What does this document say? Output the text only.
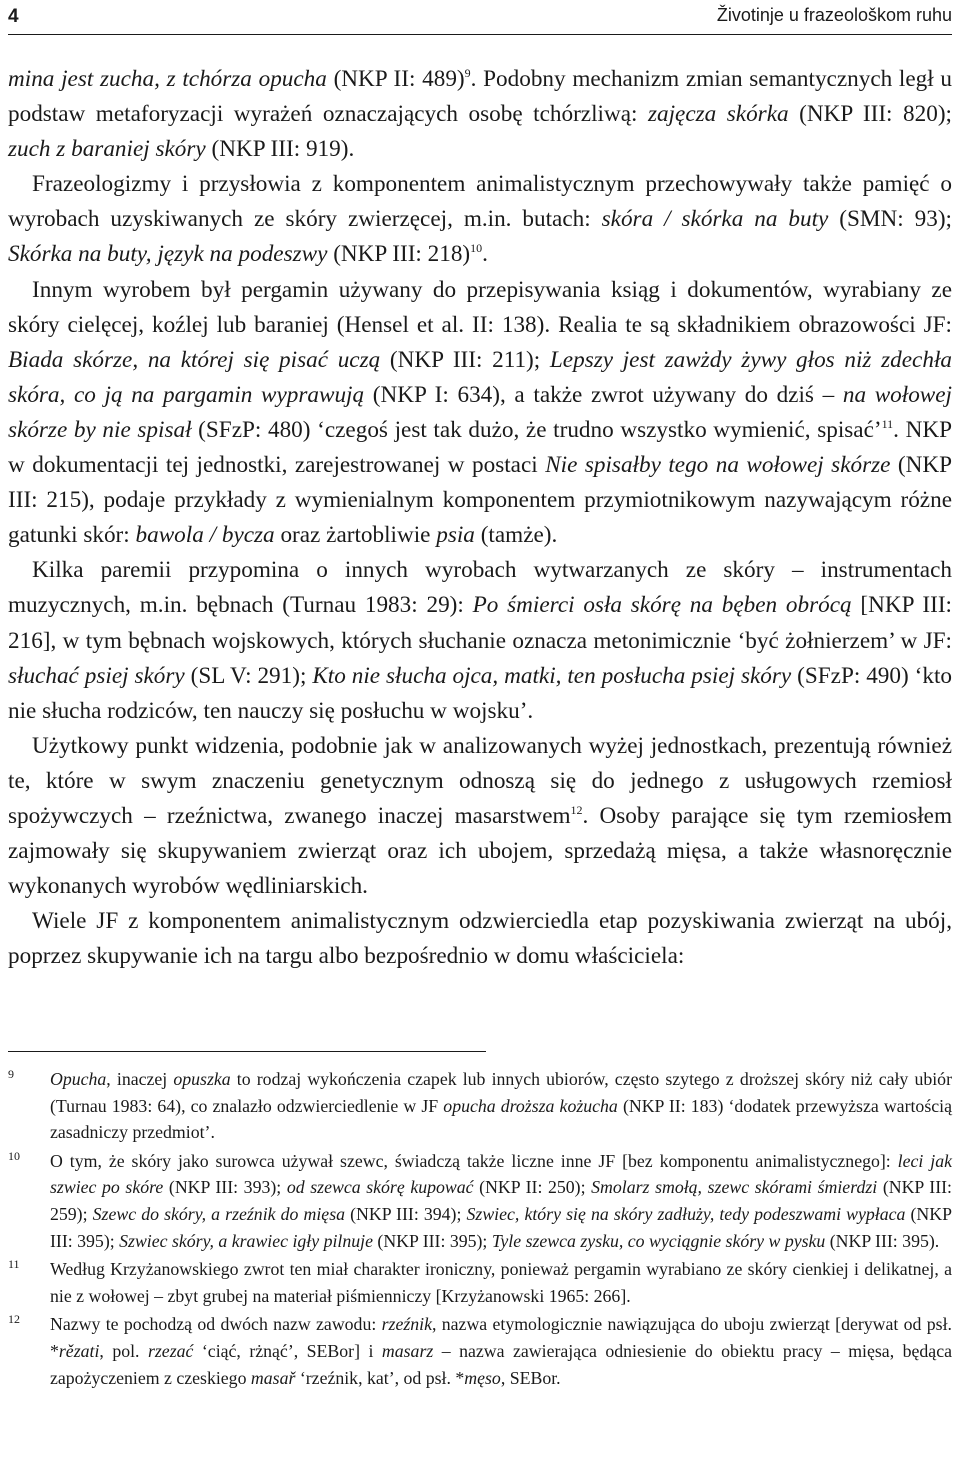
4	Životinje u frazeološkom ruhu

mina jest zucha, z tchórza opucha (NKP II: 489)$^9$. Podobny mechanizm zmian semantycznych legł u podstaw metaforyzacji wyrażeń oznaczających osobę tchórzliwą: zajęcza skórka (NKP III: 820); zuch z baraniej skóry (NKP III: 919).

Frazeologizmy i przysłowia z komponentem animalistycznym przechowywały także pamięć o wyrobach uzyskiwanych ze skóry zwierzęcej, m.in. butach: skóra / skórka na buty (SMN: 93); Skórka na buty, język na podeszwy (NKP III: 218)$^{10}$.

Innym wyrobem był pergamin używany do przepisywania ksiąg i dokumentów, wyrabiany ze skóry cielęcej, koźlej lub baraniej (Hensel et al. II: 138). Realia te są składnikiem obrazowości JF: Biada skórze, na której się pisać uczą (NKP III: 211); Lepszy jest zawżdy żywy głos niż zdechła skóra, co ją na pargamin wyprawują (NKP I: 634), a także zwrot używany do dziś – na wołowej skórze by nie spisał (SFzP: 480) ‘czegoś jest tak dużo, że trudno wszystko wymienić, spisać’$^{11}$. NKP w dokumentacji tej jednostki, zarejestrowanej w postaci Nie spisałby tego na wołowej skórze (NKP III: 215), podaje przykłady z wymienialnym komponentem przymiotnikowym nazywającym różne gatunki skór: bawola / bycza oraz żartobliwie psia (tamże).

Kilka paremii przypomina o innych wyrobach wytwarzanych ze skóry – instrumentach muzycznych, m.in. bębnach (Turnau 1983: 29): Po śmierci osła skórę na bęben obrócą [NKP III: 216], w tym bębnach wojskowych, których słuchanie oznacza metonimicznie ‘być żołnierzem’ w JF: słuchać psiej skóry (SL V: 291); Kto nie słucha ojca, matki, ten posłucha psiej skóry (SFzP: 490) ‘kto nie słucha rodziców, ten nauczy się posłuchu w wojsku’.

Użytkowy punkt widzenia, podobnie jak w analizowanych wyżej jednostkach, prezentują również te, które w swym znaczeniu genetycznym odnoszą się do jednego z usługowych rzemiosł spożywczych – rzeźnictwa, zwanego inaczej masarstwem$^{12}$. Osoby parające się tym rzemiosłem zajmowały się skupywaniem zwierząt oraz ich ubojem, sprzedażą mięsa, a także własnoręcznie wykonanych wyrobów wędliniarskich.

Wiele JF z komponentem animalistycznym odzwierciedla etap pozyskiwania zwierząt na ubój, poprzez skupywanie ich na targu albo bezpośrednio w domu właściciela:

9 Opucha, inaczej opuszka to rodzaj wykończenia czapek lub innych ubiorów, często szytego z droższej skóry niż cały ubiór (Turnau 1983: 64), co znalazło odzwierciedlenie w JF opucha droższa kożucha (NKP II: 183) ‘dodatek przewyższa wartością zasadniczy przedmiot’.

10 O tym, że skóry jako surowca używał szewc, świadczą także liczne inne JF [bez komponentu animalistycznego]: leci jak szwiec po skóre (NKP III: 393); od szewca skórę kupować (NKP II: 250); Smolarz smołą, szewc skórami śmierdzi (NKP III: 259); Szewc do skóry, a rzeźnik do mięsa (NKP III: 394); Szwiec, który się na skóry zadłuży, tedy podeszwami wypłaca (NKP III: 395); Szwiec skóry, a krawiec igły pilnuje (NKP III: 395); Tyle szewca zysku, co wyciągnie skóry w pysku (NKP III: 395).

11 Według Krzyżanowskiego zwrot ten miał charakter ironiczny, ponieważ pergamin wyrabiano ze skóry cienkiej i delikatnej, a nie z wołowej – zbyt grubej na materiał piśmienniczy [Krzyżanowski 1965: 266].

12 Nazwy te pochodzą od dwóch nazw zawodu: rzeźnik, nazwa etymologicznie nawiązująca do uboju zwierząt [derywat od psł. *rězati, pol. rzezać ‘ciąć, rżnąć’, SEBor] i masarz – nazwa zawierająca odniesienie do obiektu pracy – mięsa, będąca zapożyczeniem z czeskiego masař ‘rzeźnik, kat’, od psł. *męso, SEBor.
